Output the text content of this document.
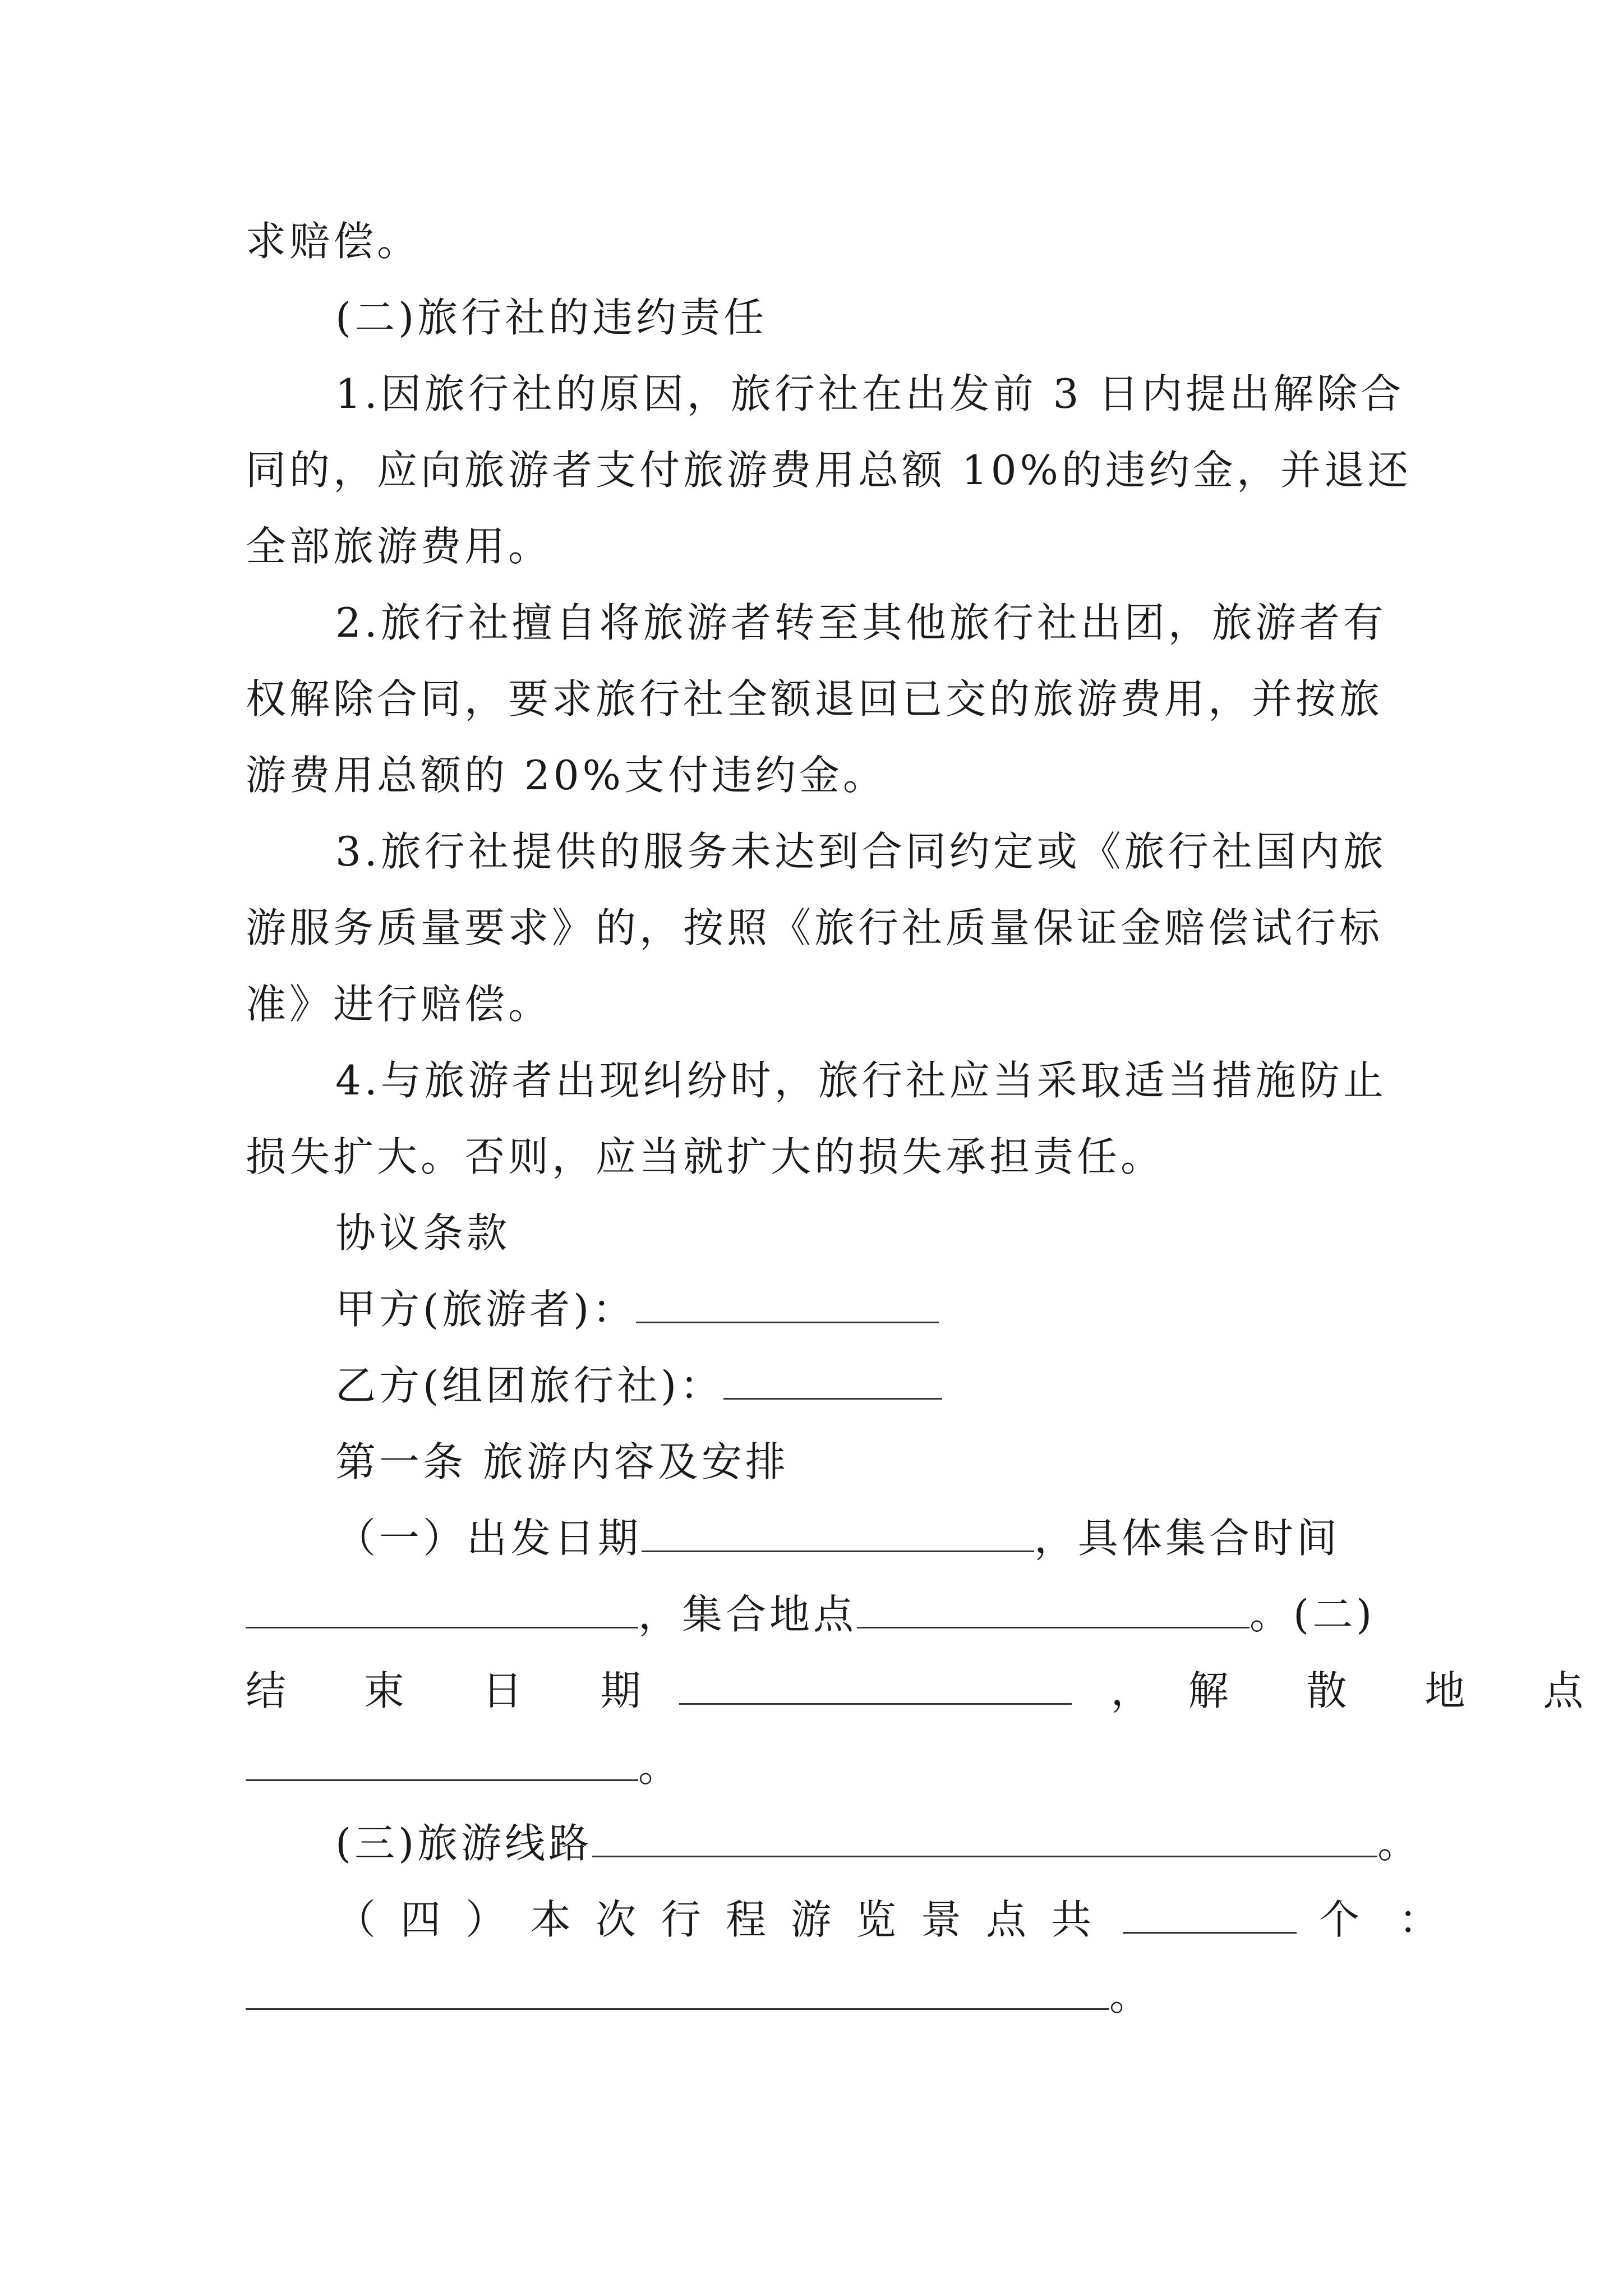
求赔偿。
(二)旅行社的违约责任
1.因旅行社的原因，旅行社在出发前 3 日内提出解除合
同的，应向旅游者支付旅游费用总额 10%的违约金，并退还
全部旅游费用。
2.旅行社擅自将旅游者转至其他旅行社出团，旅游者有
权解除合同，要求旅行社全额退回已交的旅游费用，并按旅
游费用总额的 20%支付违约金。
3.旅行社提供的服务未达到合同约定或《旅行社国内旅
游服务质量要求》的，按照《旅行社质量保证金赔偿试行标
准》进行赔偿。
4.与旅游者出现纠纷时，旅行社应当采取适当措施防止
损失扩大。否则，应当就扩大的损失承担责任。
协议条款
甲方(旅游者)：
乙方(组团旅行社)：
第一条 旅游内容及安排
（一）出发日期	，具体集合时间
，集合地点	。(二)
结 束 日 期	， 解 散 地 点
。
(三)旅游线路	。
（四）本次行程游览景点共	个：
。
